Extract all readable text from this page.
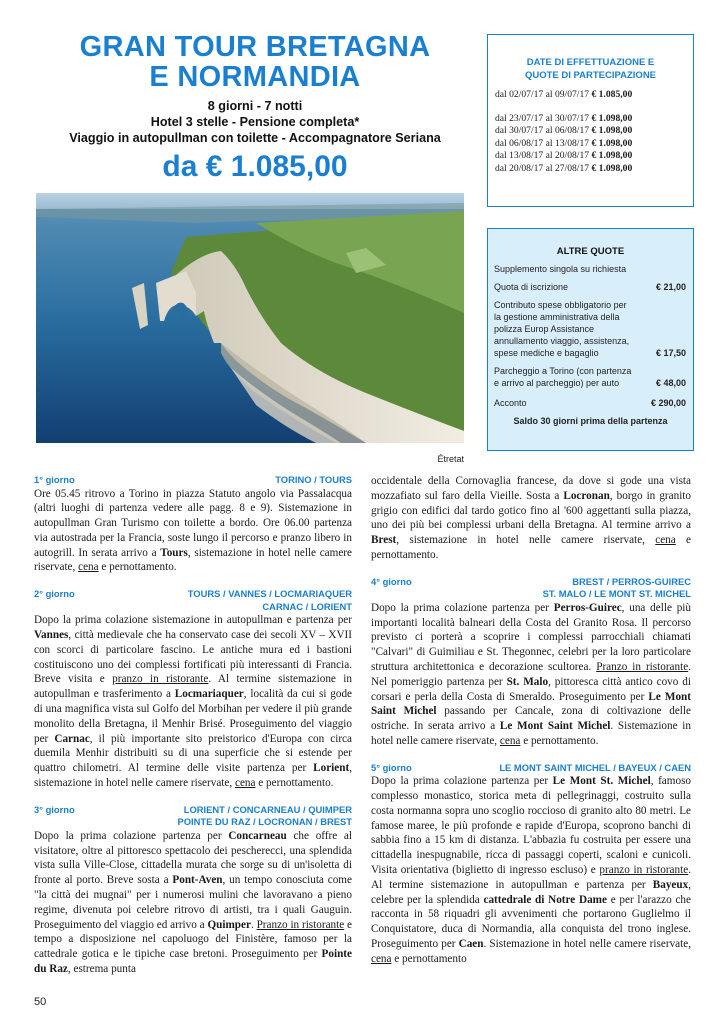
GRAN TOUR BRETAGNA
E NORMANDIA
8 giorni - 7 notti
Hotel 3 stelle - Pensione completa*
Viaggio in autopullman con toilette - Accompagnatore Seriana
da € 1.085,00
Étretat
DATE DI EFFETTUAZIONE E
QUOTE DI PARTECIPAZIONE
dal 02/07/17 al 09/07/17 € 1.085,00
dal 23/07/17 al 30/07/17 € 1.098,00
dal 30/07/17 al 06/08/17 € 1.098,00
dal 06/08/17 al 13/08/17 € 1.098,00
dal 13/08/17 al 20/08/17 € 1.098,00
dal 20/08/17 al 27/08/17 € 1.098,00
ALTRE QUOTE
Supplemento singola su richiesta
Quota di iscrizione	€ 21,00
Contributo spese obbligatorio per la gestione amministrativa della polizza Europ Assistance annullamento viaggio, assistenza, spese mediche e bagaglio	€ 17,50
Parcheggio a Torino (con partenza e arrivo al parcheggio) per auto	€ 48,00
Acconto	€ 290,00
Saldo 30 giorni prima della partenza
1° giorno	TORINO / TOURS
Ore 05.45 ritrovo a Torino in piazza Statuto angolo via Passalacqua (altri luoghi di partenza vedere alle pagg. 8 e 9). Sistemazione in autopullman Gran Turismo con toilette a bordo. Ore 06.00 partenza via autostrada per la Francia, soste lungo il percorso e pranzo libero in autogrill. In serata arrivo a Tours, sistemazione in hotel nelle camere riservate, cena e pernottamento.
2° giorno	TOURS / VANNES / LOCMARIAQUER
CARNAC / LORIENT
Dopo la prima colazione sistemazione in autopullman e partenza per Vannes, città medievale che ha conservato case dei secoli XV – XVII con scorci di particolare fascino. Le antiche mura ed i bastioni costituiscono uno dei complessi fortificati più interessanti di Francia. Breve visita e pranzo in ristorante. Al termine sistemazione in autopullman e trasferimento a Locmariaquer, località da cui si gode di una magnifica vista sul Golfo del Morbihan per vedere il più grande monolito della Bretagna, il Menhir Brisé. Proseguimento del viaggio per Carnac, il più importante sito preistorico d'Europa con circa duemila Menhir distribuiti su di una superficie che si estende per quattro chilometri. Al termine delle visite partenza per Lorient, sistemazione in hotel nelle camere riservate, cena e pernottamento.
3° giorno	LORIENT / CONCARNEAU / QUIMPER
POINTE DU RAZ / LOCRONAN / BREST
Dopo la prima colazione partenza per Concarneau che offre al visitatore, oltre al pittoresco spettacolo dei pescherecci, una splendida vista sulla Ville-Close, cittadella murata che sorge su di un'isoletta di fronte al porto. Breve sosta a Pont-Aven, un tempo conosciuta come "la città dei mugnai" per i numerosi mulini che lavoravano a pieno regime, divenuta poi celebre ritrovo di artisti, tra i quali Gauguin. Proseguimento del viaggio ed arrivo a Quimper. Pranzo in ristorante e tempo a disposizione nel capoluogo del Finistère, famoso per la cattedrale gotica e le tipiche case bretoni. Proseguimento per Pointe du Raz, estrema punta
occidentale della Cornovaglia francese, da dove si gode una vista mozzafiato sul faro della Vieille. Sosta a Locronan, borgo in granito grigio con edifici dal tardo gotico fino al '600 aggettanti sulla piazza, uno dei più bei complessi urbani della Bretagna. Al termine arrivo a Brest, sistemazione in hotel nelle camere riservate, cena e pernottamento.
4° giorno	BREST / PERROS-GUIREC
ST. MALO / LE MONT ST. MICHEL
Dopo la prima colazione partenza per Perros-Guirec, una delle più importanti località balneari della Costa del Granito Rosa. Il percorso previsto ci porterà a scoprire i complessi parrocchiali chiamati "Calvari" di Guimiliau e St. Thegonnec, celebri per la loro particolare struttura architettonica e decorazione scultorea. Pranzo in ristorante. Nel pomeriggio partenza per St. Malo, pittoresca città antico covo di corsari e perla della Costa di Smeraldo. Proseguimento per Le Mont Saint Michel passando per Cancale, zona di coltivazione delle ostriche. In serata arrivo a Le Mont Saint Michel. Sistemazione in hotel nelle camere riservate, cena e pernottamento.
5° giorno	LE MONT SAINT MICHEL / BAYEUX / CAEN
Dopo la prima colazione partenza per Le Mont St. Michel, famoso complesso monastico, storica meta di pellegrinaggi, costruito sulla costa normanna sopra uno scoglio roccioso di granito alto 80 metri. Le famose maree, le più profonde e rapide d'Europa, scoprono banchi di sabbia fino a 15 km di distanza. L'abbazia fu costruita per essere una cittadella inespugnabile, ricca di passaggi coperti, scaloni e cunicoli. Visita orientativa (biglietto di ingresso escluso) e pranzo in ristorante. Al termine sistemazione in autopullman e partenza per Bayeux, celebre per la splendida cattedrale di Notre Dame e per l'arazzo che racconta in 58 riquadri gli avvenimenti che portarono Guglielmo il Conquistatore, duca di Normandia, alla conquista del trono inglese. Proseguimento per Caen. Sistemazione in hotel nelle camere riservate, cena e pernottamento
50
